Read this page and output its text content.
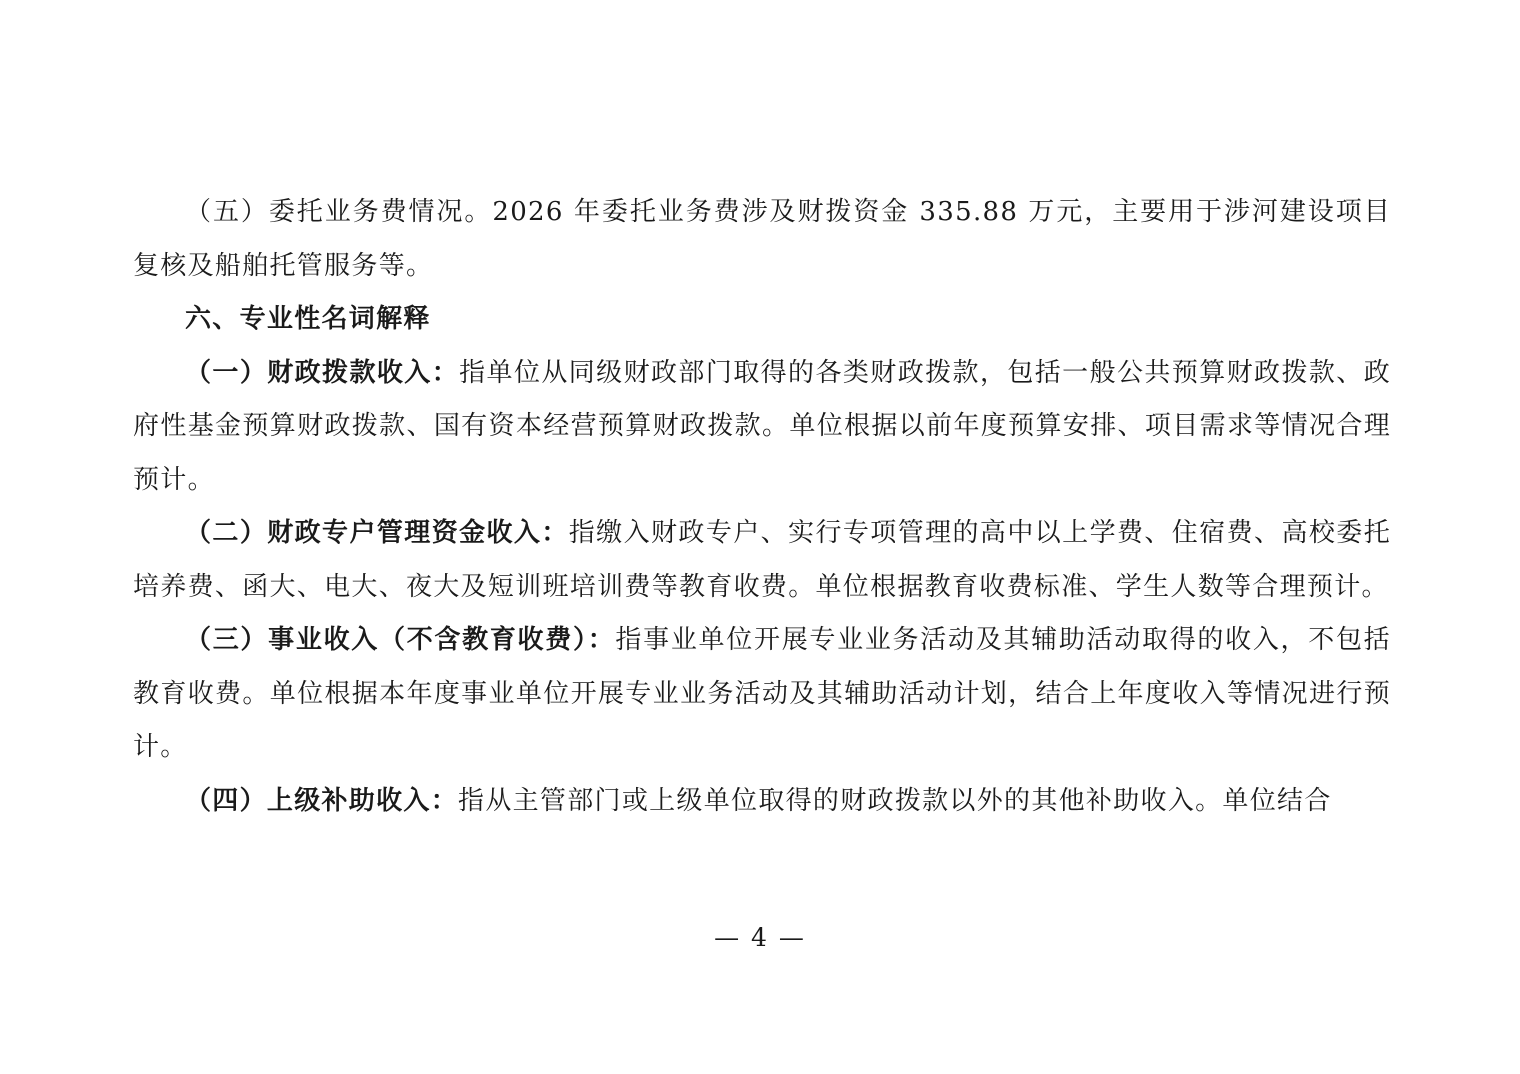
（五）委托业务费情况。2026 年委托业务费涉及财拨资金 335.88 万元，主要用于涉河建设项目复核及船舶托管服务等。

六、专业性名词解释

（一）财政拨款收入：指单位从同级财政部门取得的各类财政拨款，包括一般公共预算财政拨款、政府性基金预算财政拨款、国有资本经营预算财政拨款。单位根据以前年度预算安排、项目需求等情况合理预计。

（二）财政专户管理资金收入：指缴入财政专户、实行专项管理的高中以上学费、住宿费、高校委托培养费、函大、电大、夜大及短训班培训费等教育收费。单位根据教育收费标准、学生人数等合理预计。

（三）事业收入（不含教育收费）：指事业单位开展专业业务活动及其辅助活动取得的收入，不包括教育收费。单位根据本年度事业单位开展专业业务活动及其辅助活动计划，结合上年度收入等情况进行预计。

（四）上级补助收入：指从主管部门或上级单位取得的财政拨款以外的其他补助收入。单位结合

— 4 —
